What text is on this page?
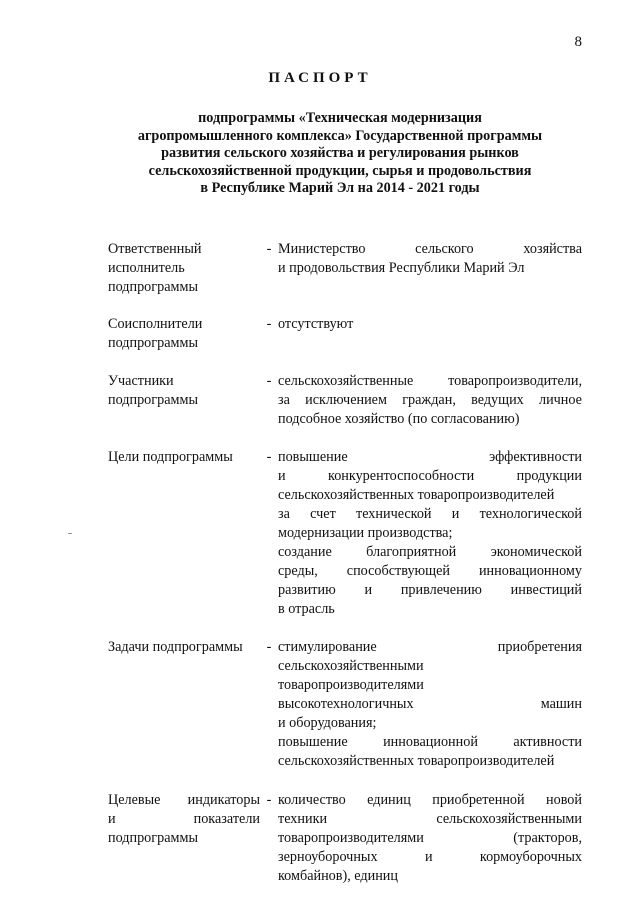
8
ПАСПОРТ
подпрограммы «Техническая модернизация
агропромышленного комплекса» Государственной программы
развития сельского хозяйства и регулирования рынков
сельскохозяйственной продукции, сырья и продовольствия
в Республике Марий Эл на 2014 - 2021 годы
Ответственный
исполнитель
подпрограммы
- Министерство	сельского	хозяйства
и продовольствия Республики Марий Эл
Соисполнители
подпрограммы
- отсутствуют
Участники
подпрограммы
- сельскохозяйственные товаропроизводители,
за исключением граждан, ведущих личное
подсобное хозяйство (по согласованию)
Цели подпрограммы	- повышение	эффективности
и	конкурентоспособности	продукции
сельскохозяйственных товаропроизводителей
за счет технической и технологической
модернизации производства;
создание благоприятной экономической
среды, способствующей инновационному
развитию и привлечению инвестиций
в отрасль
Задачи подпрограммы	- стимулирование	приобретения
сельскохозяйственными
товаропроизводителями
высокотехнологичных	машин
и оборудования;
повышение инновационной активности
сельскохозяйственных товаропроизводителей
Целевые индикаторы
и	показатели
подпрограммы
- количество единиц приобретенной новой
техники	сельскохозяйственными
товаропроизводителями	(тракторов,
зерноуборочных	и	кормоуборочных
комбайнов), единиц
